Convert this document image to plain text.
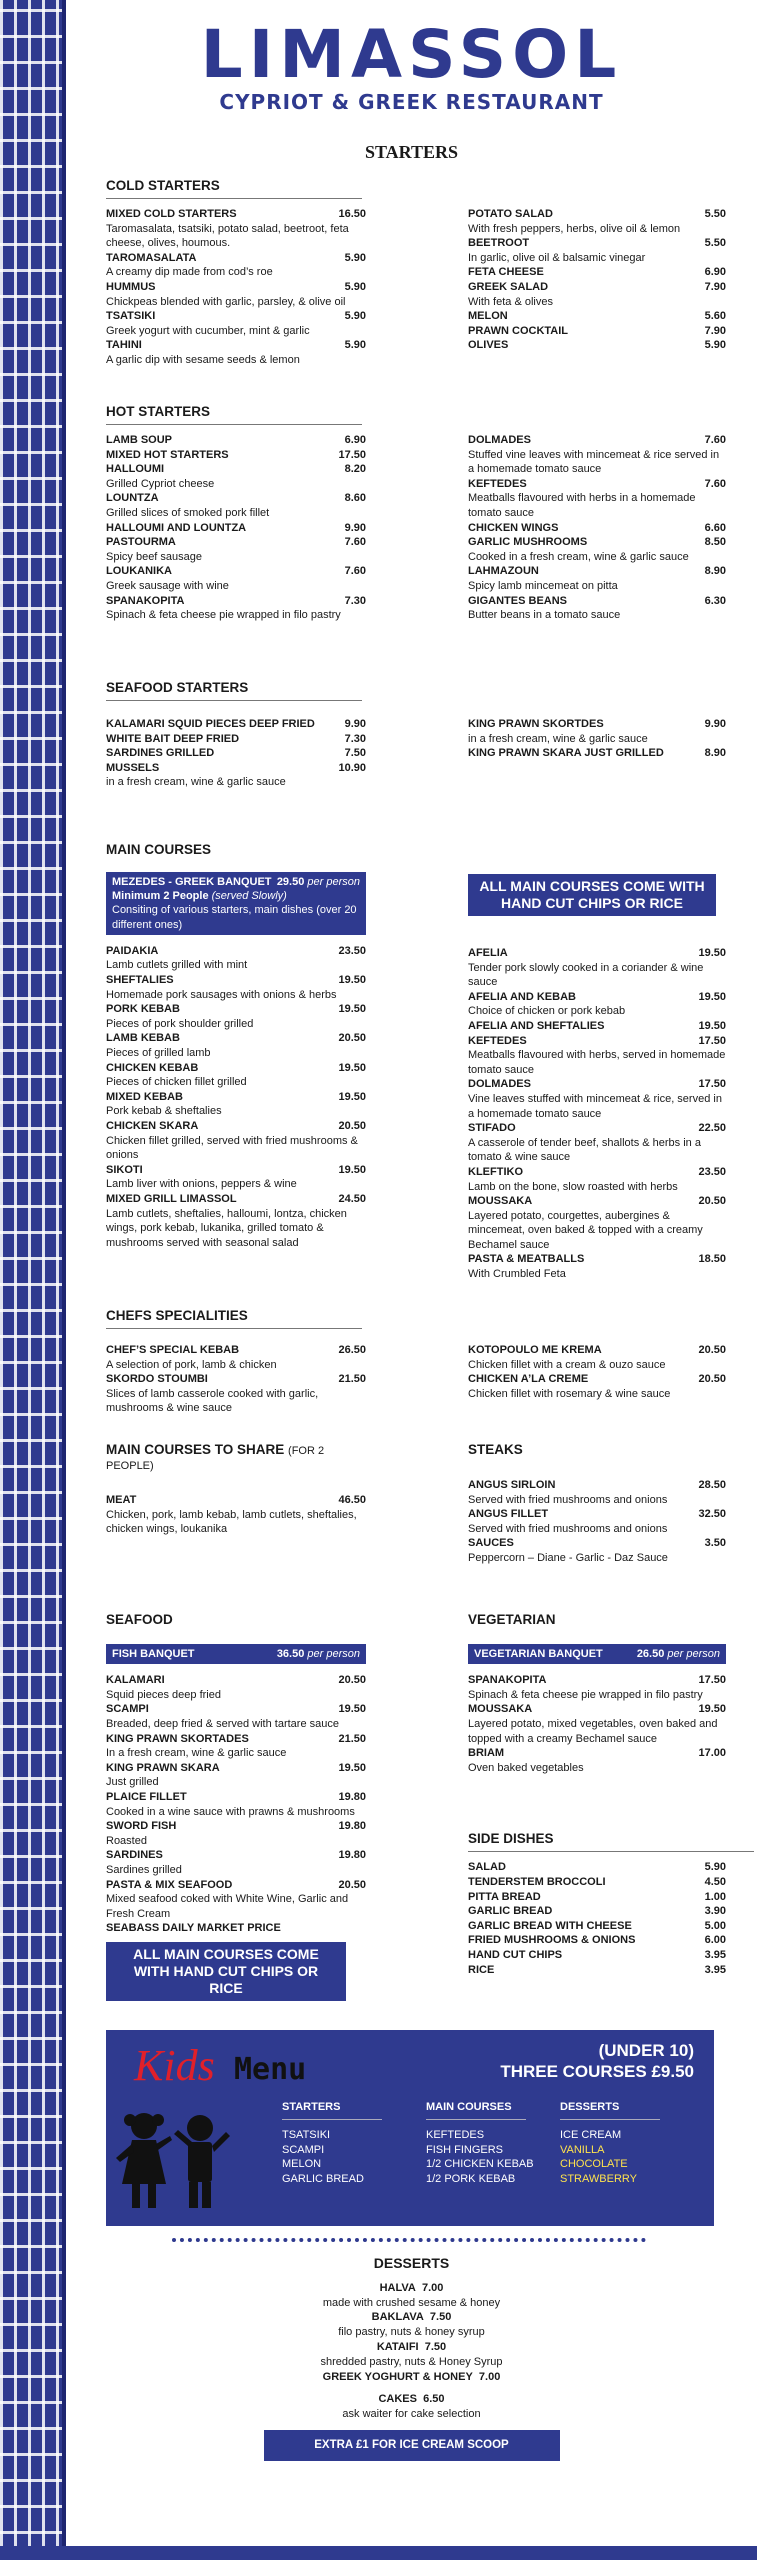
LIMASSOL
CYPRIOT & GREEK RESTAURANT
STARTERS
COLD STARTERS
MIXED COLD STARTERS	16.50
Taromasalata, tsatsiki, potato salad, beetroot, feta cheese, olives, houmous.
TAROMASALATA	5.90
A creamy dip made from cod’s roe
HUMMUS	5.90
Chickpeas blended with garlic, parsley, & olive oil
TSATSIKI	5.90
Greek yogurt with cucumber, mint & garlic
TAHINI	5.90
A garlic dip with sesame seeds & lemon
POTATO SALAD	5.50
With fresh peppers, herbs, olive oil & lemon
BEETROOT	5.50
In garlic, olive oil & balsamic vinegar
FETA CHEESE	6.90
GREEK SALAD	7.90
With feta & olives
MELON	5.60
PRAWN COCKTAIL	7.90
OLIVES	5.90
HOT STARTERS
LAMB SOUP	6.90
MIXED HOT STARTERS	17.50
HALLOUMI	8.20
Grilled Cypriot cheese
LOUNTZA	8.60
Grilled slices of smoked pork fillet
HALLOUMI AND LOUNTZA	9.90
PASTOURMA	7.60
Spicy beef sausage
LOUKANIKA	7.60
Greek sausage with wine
SPANAKOPITA	7.30
Spinach & feta cheese pie wrapped in filo pastry
DOLMADES	7.60
Stuffed vine leaves with mincemeat & rice served in a homemade tomato sauce
KEFTEDES	7.60
Meatballs flavoured with herbs in a homemade tomato sauce
CHICKEN WINGS	6.60
GARLIC MUSHROOMS	8.50
Cooked in a fresh cream, wine & garlic sauce
LAHMAZOUN	8.90
Spicy lamb mincemeat on pitta
GIGANTES BEANS	6.30
Butter beans in a tomato sauce
SEAFOOD STARTERS
KALAMARI SQUID PIECES DEEP FRIED	9.90
WHITE BAIT DEEP FRIED	7.30
SARDINES GRILLED	7.50
MUSSELS	10.90
in a fresh cream, wine & garlic sauce
KING PRAWN SKORTDES	9.90
in a fresh cream, wine & garlic sauce
KING PRAWN SKARA JUST GRILLED	8.90
MAIN COURSES
MEZEDES - GREEK BANQUET 29.50 per person
Minimum 2 People (served Slowly)
Consiting of various starters, main dishes (over 20 different ones)
PAIDAKIA	23.50
Lamb cutlets grilled with mint
SHEFTALIES	19.50
Homemade pork sausages with onions & herbs
PORK KEBAB	19.50
Pieces of pork shoulder grilled
LAMB KEBAB	20.50
Pieces of grilled lamb
CHICKEN KEBAB	19.50
Pieces of chicken fillet grilled
MIXED KEBAB	19.50
Pork kebab & sheftalies
CHICKEN SKARA	20.50
Chicken fillet grilled, served with fried mushrooms & onions
SIKOTI	19.50
Lamb liver with onions, peppers & wine
MIXED GRILL LIMASSOL	24.50
Lamb cutlets, sheftalies, halloumi, lontza, chicken wings, pork kebab, lukanika, grilled tomato & mushrooms served with seasonal salad
ALL MAIN COURSES COME WITH HAND CUT CHIPS OR RICE
AFELIA	19.50
Tender pork slowly cooked in a coriander & wine sauce
AFELIA AND KEBAB	19.50
Choice of chicken or pork kebab
AFELIA AND SHEFTALIES	19.50
KEFTEDES	17.50
Meatballs flavoured with herbs, served in homemade tomato sauce
DOLMADES	17.50
Vine leaves stuffed with mincemeat & rice, served in a homemade tomato sauce
STIFADO	22.50
A casserole of tender beef, shallots & herbs in a tomato & wine sauce
KLEFTIKO	23.50
Lamb on the bone, slow roasted with herbs
MOUSSAKA	20.50
Layered potato, courgettes, aubergines & mincemeat, oven baked & topped with a creamy Bechamel sauce
PASTA & MEATBALLS	18.50
With Crumbled Feta
CHEFS SPECIALITIES
CHEF’S SPECIAL KEBAB	26.50
A selection of pork, lamb & chicken
SKORDO STOUMBI	21.50
Slices of lamb casserole cooked with garlic, mushrooms & wine sauce
KOTOPOULO ME KREMA	20.50
Chicken fillet with a cream & ouzo sauce
CHICKEN A’LA CREME	20.50
Chicken fillet with rosemary & wine sauce
MAIN COURSES TO SHARE (FOR 2 PEOPLE)
MEAT	46.50
Chicken, pork, lamb kebab, lamb cutlets, sheftalies, chicken wings, loukanika
STEAKS
ANGUS SIRLOIN	28.50
Served with fried mushrooms and onions
ANGUS FILLET	32.50
Served with fried mushrooms and onions
SAUCES	3.50
Peppercorn – Diane - Garlic - Daz Sauce
SEAFOOD
FISH BANQUET	36.50 per person
KALAMARI	20.50
Squid pieces deep fried
SCAMPI	19.50
Breaded, deep fried & served with tartare sauce
KING PRAWN SKORTADES	21.50
In a fresh cream, wine & garlic sauce
KING PRAWN SKARA	19.50
Just grilled
PLAICE FILLET	19.80
Cooked in a wine sauce with prawns & mushrooms
SWORD FISH	19.80
Roasted
SARDINES	19.80
Sardines grilled
PASTA & MIX SEAFOOD	20.50
Mixed seafood coked with White Wine, Garlic and Fresh Cream
SEABASS DAILY MARKET PRICE
ALL MAIN COURSES COME WITH HAND CUT CHIPS OR RICE
VEGETARIAN
VEGETARIAN BANQUET	26.50 per person
SPANAKOPITA	17.50
Spinach & feta cheese pie wrapped in filo pastry
MOUSSAKA	19.50
Layered potato, mixed vegetables, oven baked and topped with a creamy Bechamel sauce
BRIAM	17.00
Oven baked vegetables
SIDE DISHES
SALAD	5.90
TENDERSTEM BROCCOLI	4.50
PITTA BREAD	1.00
GARLIC BREAD	3.90
GARLIC BREAD WITH CHEESE	5.00
FRIED MUSHROOMS & ONIONS	6.00
HAND CUT CHIPS	3.95
RICE	3.95
Kids Menu
(UNDER 10)
THREE COURSES £9.50
STARTERS
TSATSIKI
SCAMPI
MELON
GARLIC BREAD
MAIN COURSES
KEFTEDES
FISH FINGERS
1/2 CHICKEN KEBAB
1/2 PORK KEBAB
DESSERTS
ICE CREAM
VANILLA
CHOCOLATE
STRAWBERRY
DESSERTS
HALVA 7.00
made with crushed sesame & honey
BAKLAVA 7.50
filo pastry, nuts & honey syrup
KATAIFI 7.50
shredded pastry, nuts & Honey Syrup
GREEK YOGHURT & HONEY 7.00
CAKES 6.50
ask waiter for cake selection
EXTRA £1 FOR ICE CREAM SCOOP
